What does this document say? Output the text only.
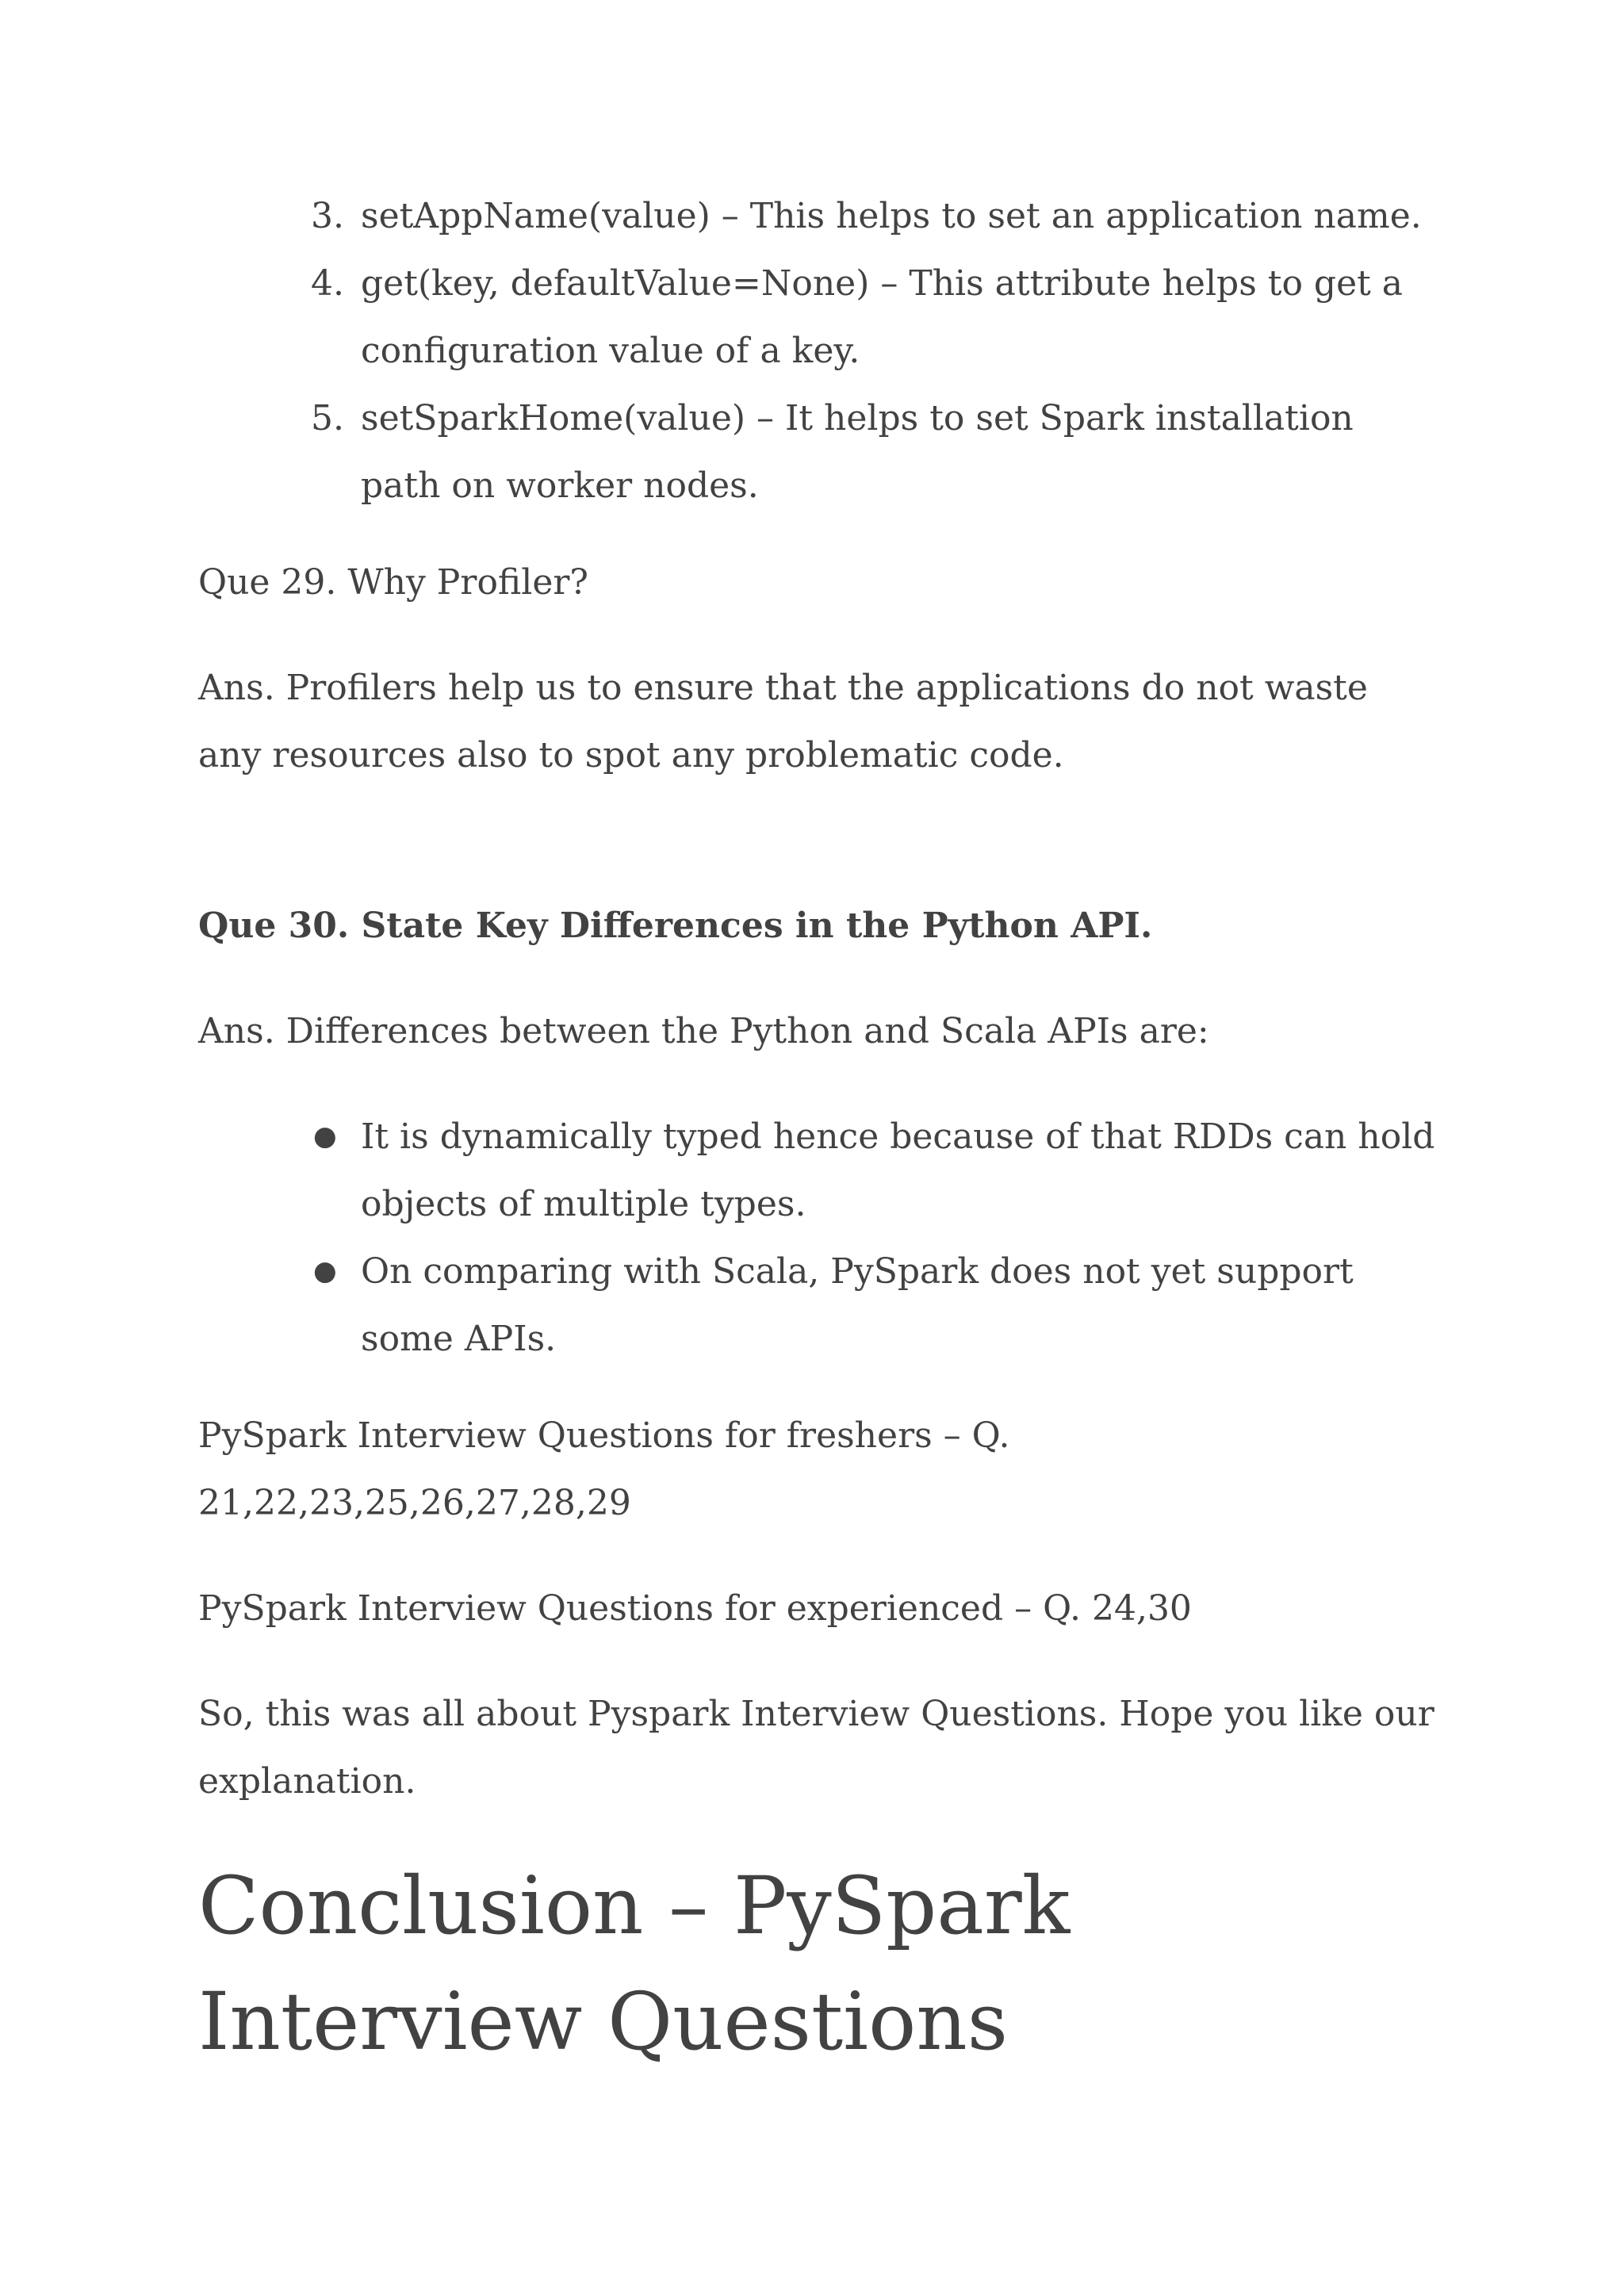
3. setAppName(value) – This helps to set an application name.
4. get(key, defaultValue=None) – This attribute helps to get a configuration value of a key.
5. setSparkHome(value) – It helps to set Spark installation path on worker nodes.

Que 29. Why Profiler?

Ans. Profilers help us to ensure that the applications do not waste any resources also to spot any problematic code.

Que 30. State Key Differences in the Python API.

Ans. Differences between the Python and Scala APIs are:

● It is dynamically typed hence because of that RDDs can hold objects of multiple types.
● On comparing with Scala, PySpark does not yet support some APIs.

PySpark Interview Questions for freshers – Q. 21,22,23,25,26,27,28,29

PySpark Interview Questions for experienced – Q. 24,30

So, this was all about Pyspark Interview Questions. Hope you like our explanation.

Conclusion – PySpark Interview Questions
